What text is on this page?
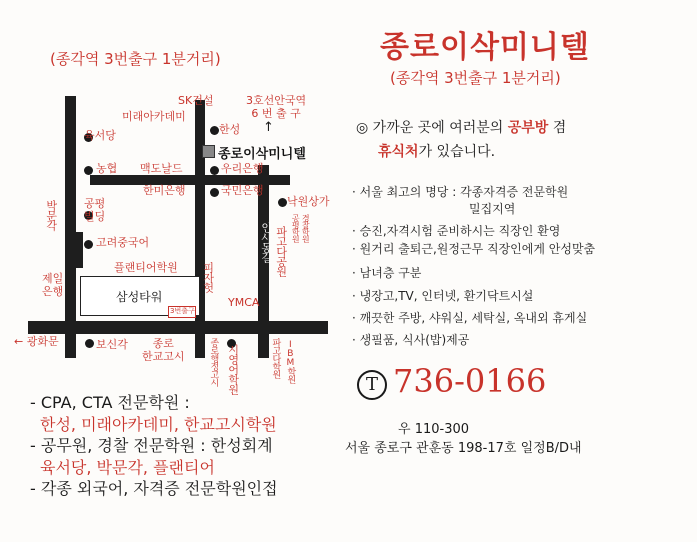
(종각역 3번출구 1분거리)
SK건설	3호선안국역
6 번 출 구
↑
미래아카데미
육서당	한성
농협 맥도날드	우리은행
종로이삭미니텔
한미은행	국민은행
낙원상가
박문각 공평
빌딩
고려중국어
플랜티어학원
제일
은행	삼성타워
3번출구
피자헛
YMCA
인사동길 파고다공원 공평학원 경찰학원
← 광화문	보신각	종로
한교고시	종로행정고시 시영어학원	파고다학원 IBM학원
- CPA, CTA 전문학원 :
한성, 미래아카데미, 한교고시학원
- 공무원, 경찰 전문학원 : 한성회계
육서당, 박문각, 플랜티어
- 각종 외국어, 자격증 전문학원인접
종로이삭미니텔
(종각역 3번출구 1분거리)
◎ 가까운 곳에 여러분의 공부방 겸
휴식처가 있습니다.
· 서울 최고의 명당 : 각종자격증 전문학원
밀집지역
· 승진,자격시험 준비하시는 직장인 환영
· 원거리 출퇴근,원정근무 직장인에게 안성맞춤
· 남녀층 구분
· 냉장고,TV, 인터넷, 환기닥트시설
· 깨끗한 주방, 샤워실, 세탁실, 옥내외 휴게실
· 생필품, 식사(밥)제공
T 736-0166
우 110-300
서울 종로구 관훈동 198-17호 일정B/D내
